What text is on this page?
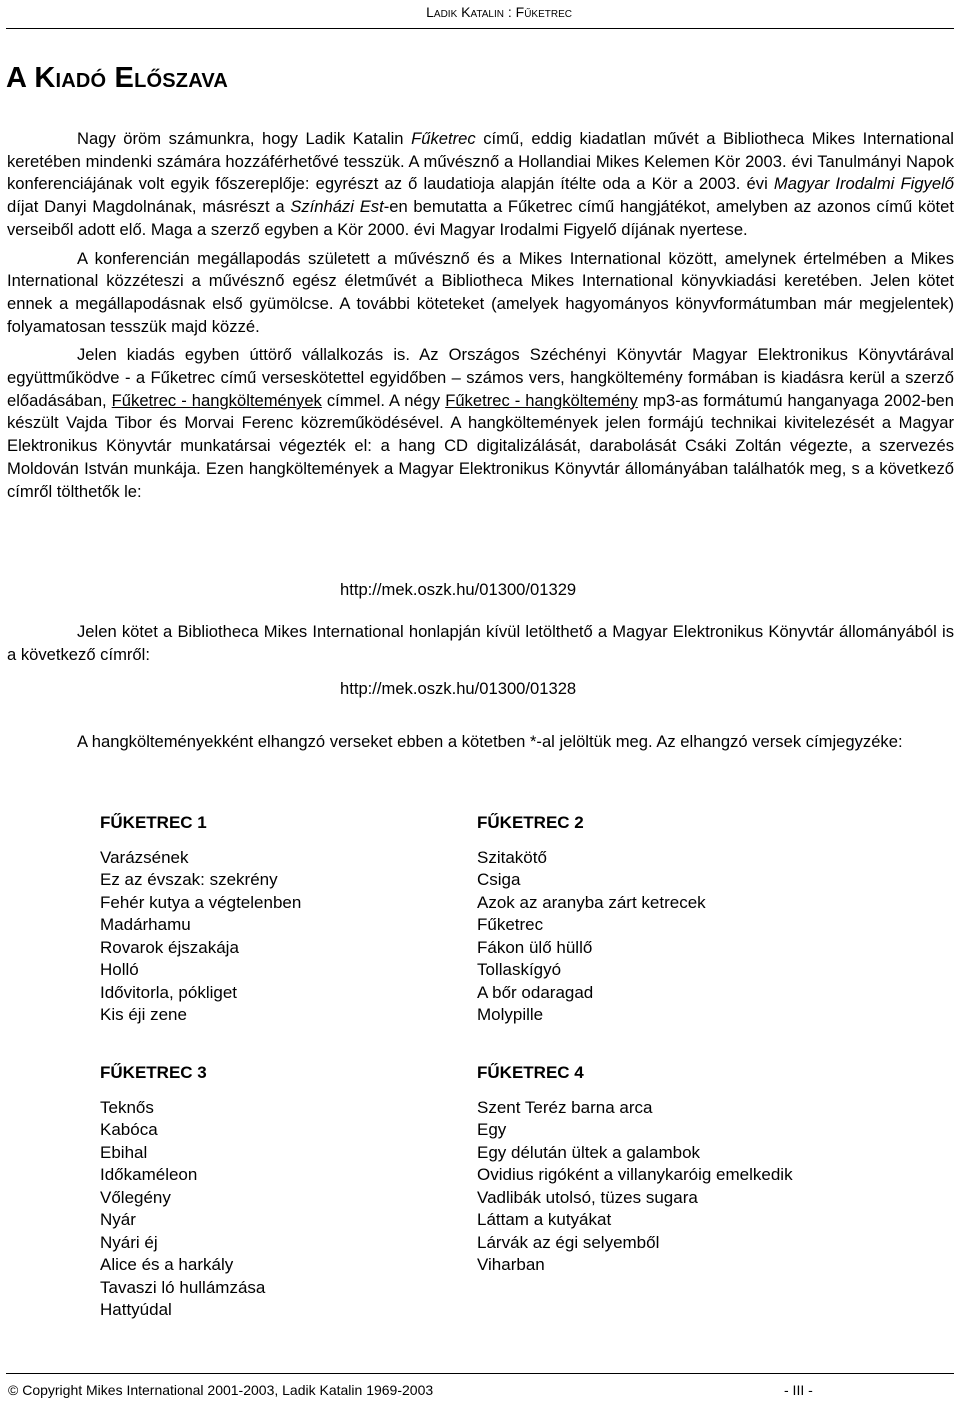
Ladik Katalin : Fűketrec
A Kiadó Előszava

Nagy öröm számunkra, hogy Ladik Katalin Fűketrec című, eddig kiadatlan művét a Bibliotheca Mikes International keretében mindenki számára hozzáférhetővé tesszük. A művésznő a Hollandiai Mikes Kelemen Kör 2003. évi Tanulmányi Napok konferenciájának volt egyik főszereplője: egyrészt az ő laudatioja alapján ítélte oda a Kör a 2003. évi Magyar Irodalmi Figyelő díjat Danyi Magdolnának, másrészt a Színházi Est-en bemutatta a Fűketrec című hangjátékot, amelyben az azonos című kötet verseiből adott elő. Maga a szerző egyben a Kör 2000. évi Magyar Irodalmi Figyelő díjának nyertese.

A konferencián megállapodás született a művésznő és a Mikes International között, amelynek értelmében a Mikes International közzéteszi a művésznő egész életművét a Bibliotheca Mikes International könyvkiadási keretében. Jelen kötet ennek a megállapodásnak első gyümölcse. A további köteteket (amelyek hagyományos könyvformátumban már megjelentek) folyamatosan tesszük majd közzé.

Jelen kiadás egyben úttörő vállalkozás is. Az Országos Széchényi Könyvtár Magyar Elektronikus Könyvtárával együttműködve - a Fűketrec című verseskötettel egyidőben – számos vers, hangköltemény formában is kiadásra kerül a szerző előadásában, Fűketrec - hangköltemények címmel. A négy Fűketrec - hangköltemény mp3-as formátumú hanganyaga 2002-ben készült Vajda Tibor és Morvai Ferenc közreműködésével. A hangköltemények jelen formájú technikai kivitelezését a Magyar Elektronikus Könyvtár munkatársai végezték el: a hang CD digitalizálását, darabolását Csáki Zoltán végezte, a szervezés Moldován István munkája. Ezen hangköltemények a Magyar Elektronikus Könyvtár állományában találhatók meg, s a következő címről tölthetők le:

http://mek.oszk.hu/01300/01329

Jelen kötet a Bibliotheca Mikes International honlapján kívül letölthető a Magyar Elektronikus Könyvtár állományából is a következő címről:

http://mek.oszk.hu/01300/01328

A hangkölteményekként elhangzó verseket ebben a kötetben *-al jelöltük meg. Az elhangzó versek címjegyzéke:

FŰKETREC 1
Varázsének
Ez az évszak: szekrény
Fehér kutya a végtelenben
Madárhamu
Rovarok éjszakája
Holló
Idővitorla, pókliget
Kis éji zene
FŰKETREC 2
Szitakötő
Csiga
Azok az aranyba zárt ketrecek
Fűketrec
Fákon ülő hüllő
Tollaskígyó
A bőr odaragad
Molypille
FŰKETREC 3
Teknős
Kabóca
Ebihal
Időkaméleon
Vőlegény
Nyár
Nyári éj
Alice és a harkály
Tavaszi ló hullámzása
Hattyúdal
FŰKETREC 4
Szent Teréz barna arca
Egy
Egy délután ültek a galambok
Ovidius rigóként a villanykaróig emelkedik
Vadlibák utolsó, tüzes sugara
Láttam a kutyákat
Lárvák az égi selyemből
Viharban
© Copyright Mikes International 2001-2003, Ladik Katalin 1969-2003	- III -
